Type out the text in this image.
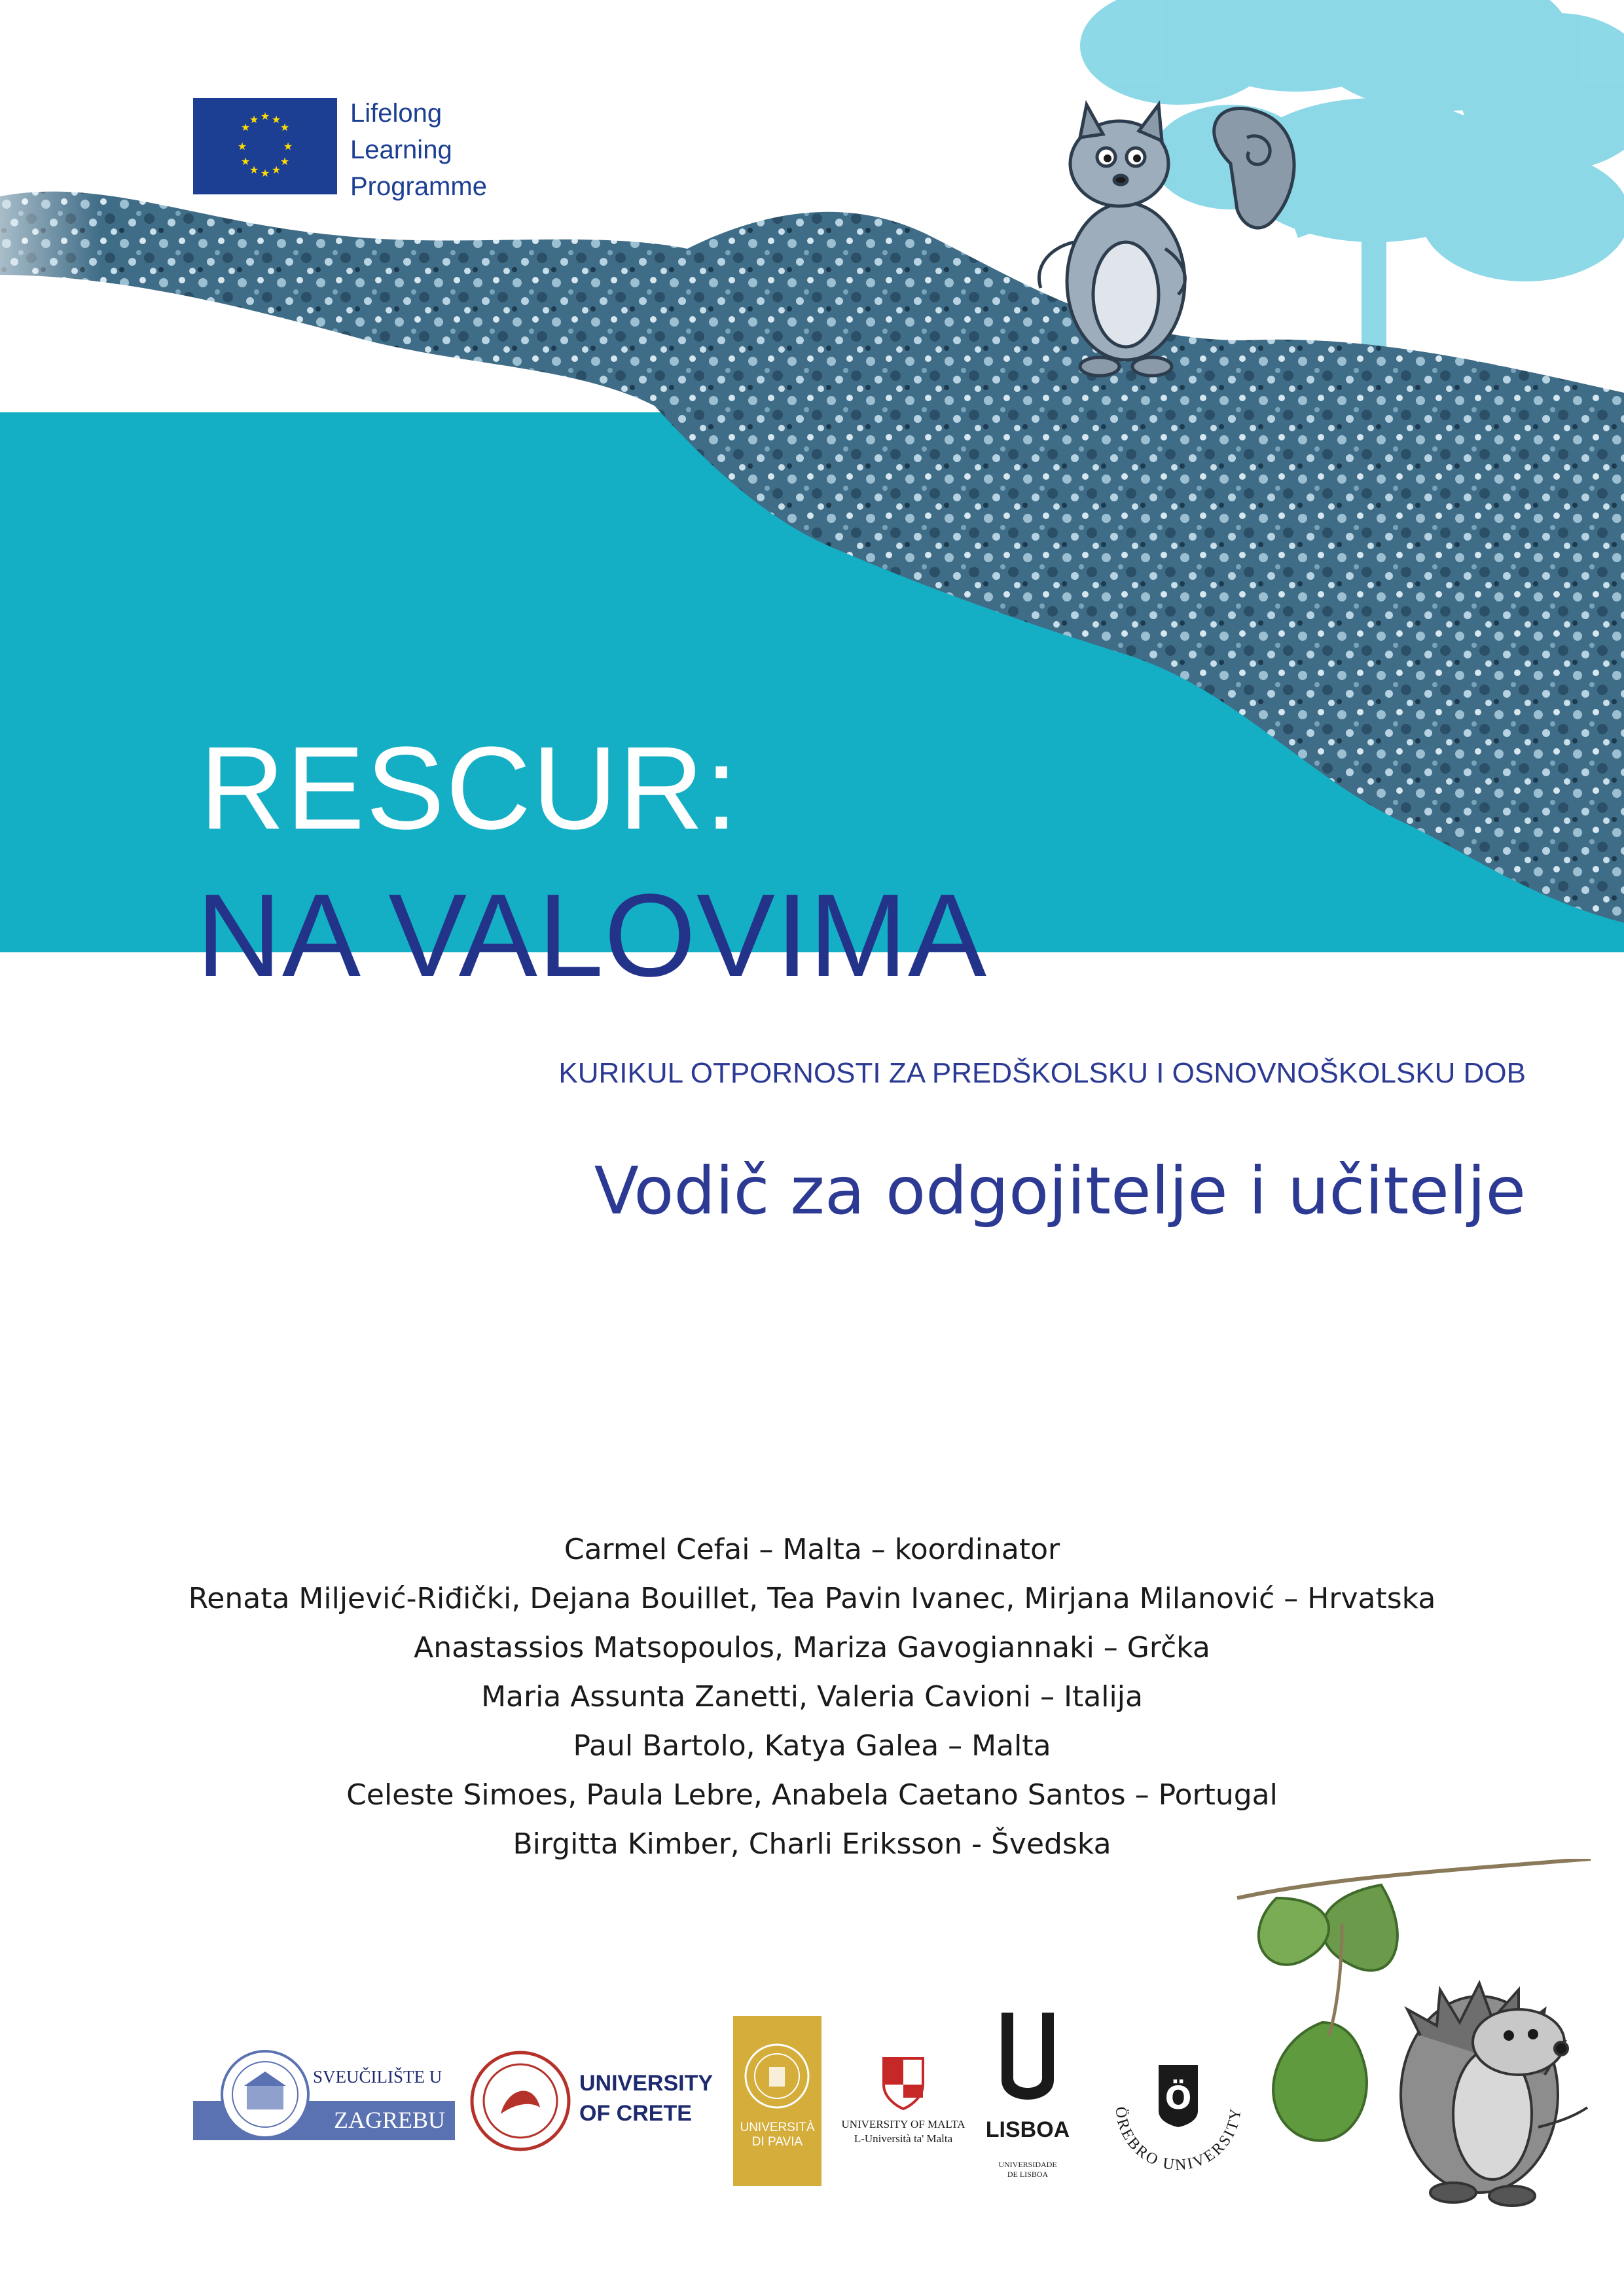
★ ★
★
★
★
★
★
★
★
★
★
★	Lifelong
Learning
Programme
RESCUR:
NA VALOVIMA
KURIKUL OTPORNOSTI ZA PREDŠKOLSKU I OSNOVNOŠKOLSKU DOB
Vodič za odgojitelje i učitelje
Carmel Cefai – Malta – koordinator
Renata Miljević-Riđički, Dejana Bouillet, Tea Pavin Ivanec, Mirjana Milanović – Hrvatska
Anastassios Matsopoulos, Mariza Gavogiannaki – Grčka
Maria Assunta Zanetti, Valeria Cavioni – Italija
Paul Bartolo, Katya Galea – Malta
Celeste Simoes, Paula Lebre, Anabela Caetano Santos – Portugal
Birgitta Kimber, Charli Eriksson - Švedska
SVEUČILIŠTE U
ZAGREBU
UNIVERSITY
OF CRETE
UNIVERSITÀ
DI PAVIA
UNIVERSITY OF MALTA
L-Università ta' Malta	LISBOA
UNIVERSIDADE
DE LISBOA
Ö
ÖREBRO UNIVERSITY
